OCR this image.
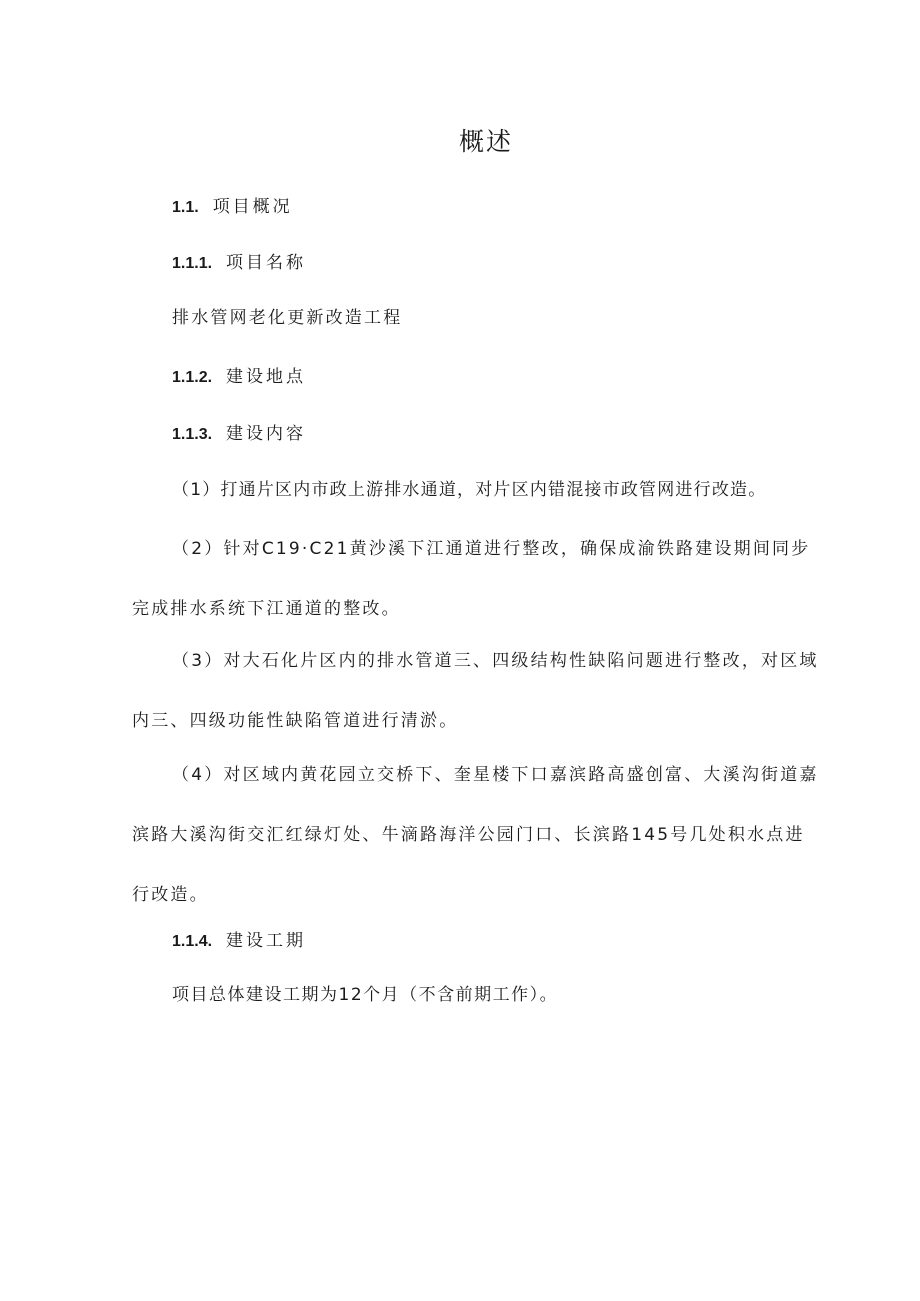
概述
1.1. 项目概况
1.1.1. 项目名称

排水管网老化更新改造工程

1.1.2. 建设地点
1.1.3. 建设内容

（1）打通片区内市政上游排水通道，对片区内错混接市政管网进行改造。

（2）针对C19·C21黄沙溪下江通道进行整改，确保成渝铁路建设期间同步完成排水系统下江通道的整改。

（3）对大石化片区内的排水管道三、四级结构性缺陷问题进行整改，对区域内三、四级功能性缺陷管道进行清淤。

（4）对区域内黄花园立交桥下、奎星楼下口嘉滨路高盛创富、大溪沟街道嘉滨路大溪沟街交汇红绿灯处、牛滴路海洋公园门口、长滨路145号几处积水点进行改造。

1.1.4. 建设工期

项目总体建设工期为12个月（不含前期工作）。
